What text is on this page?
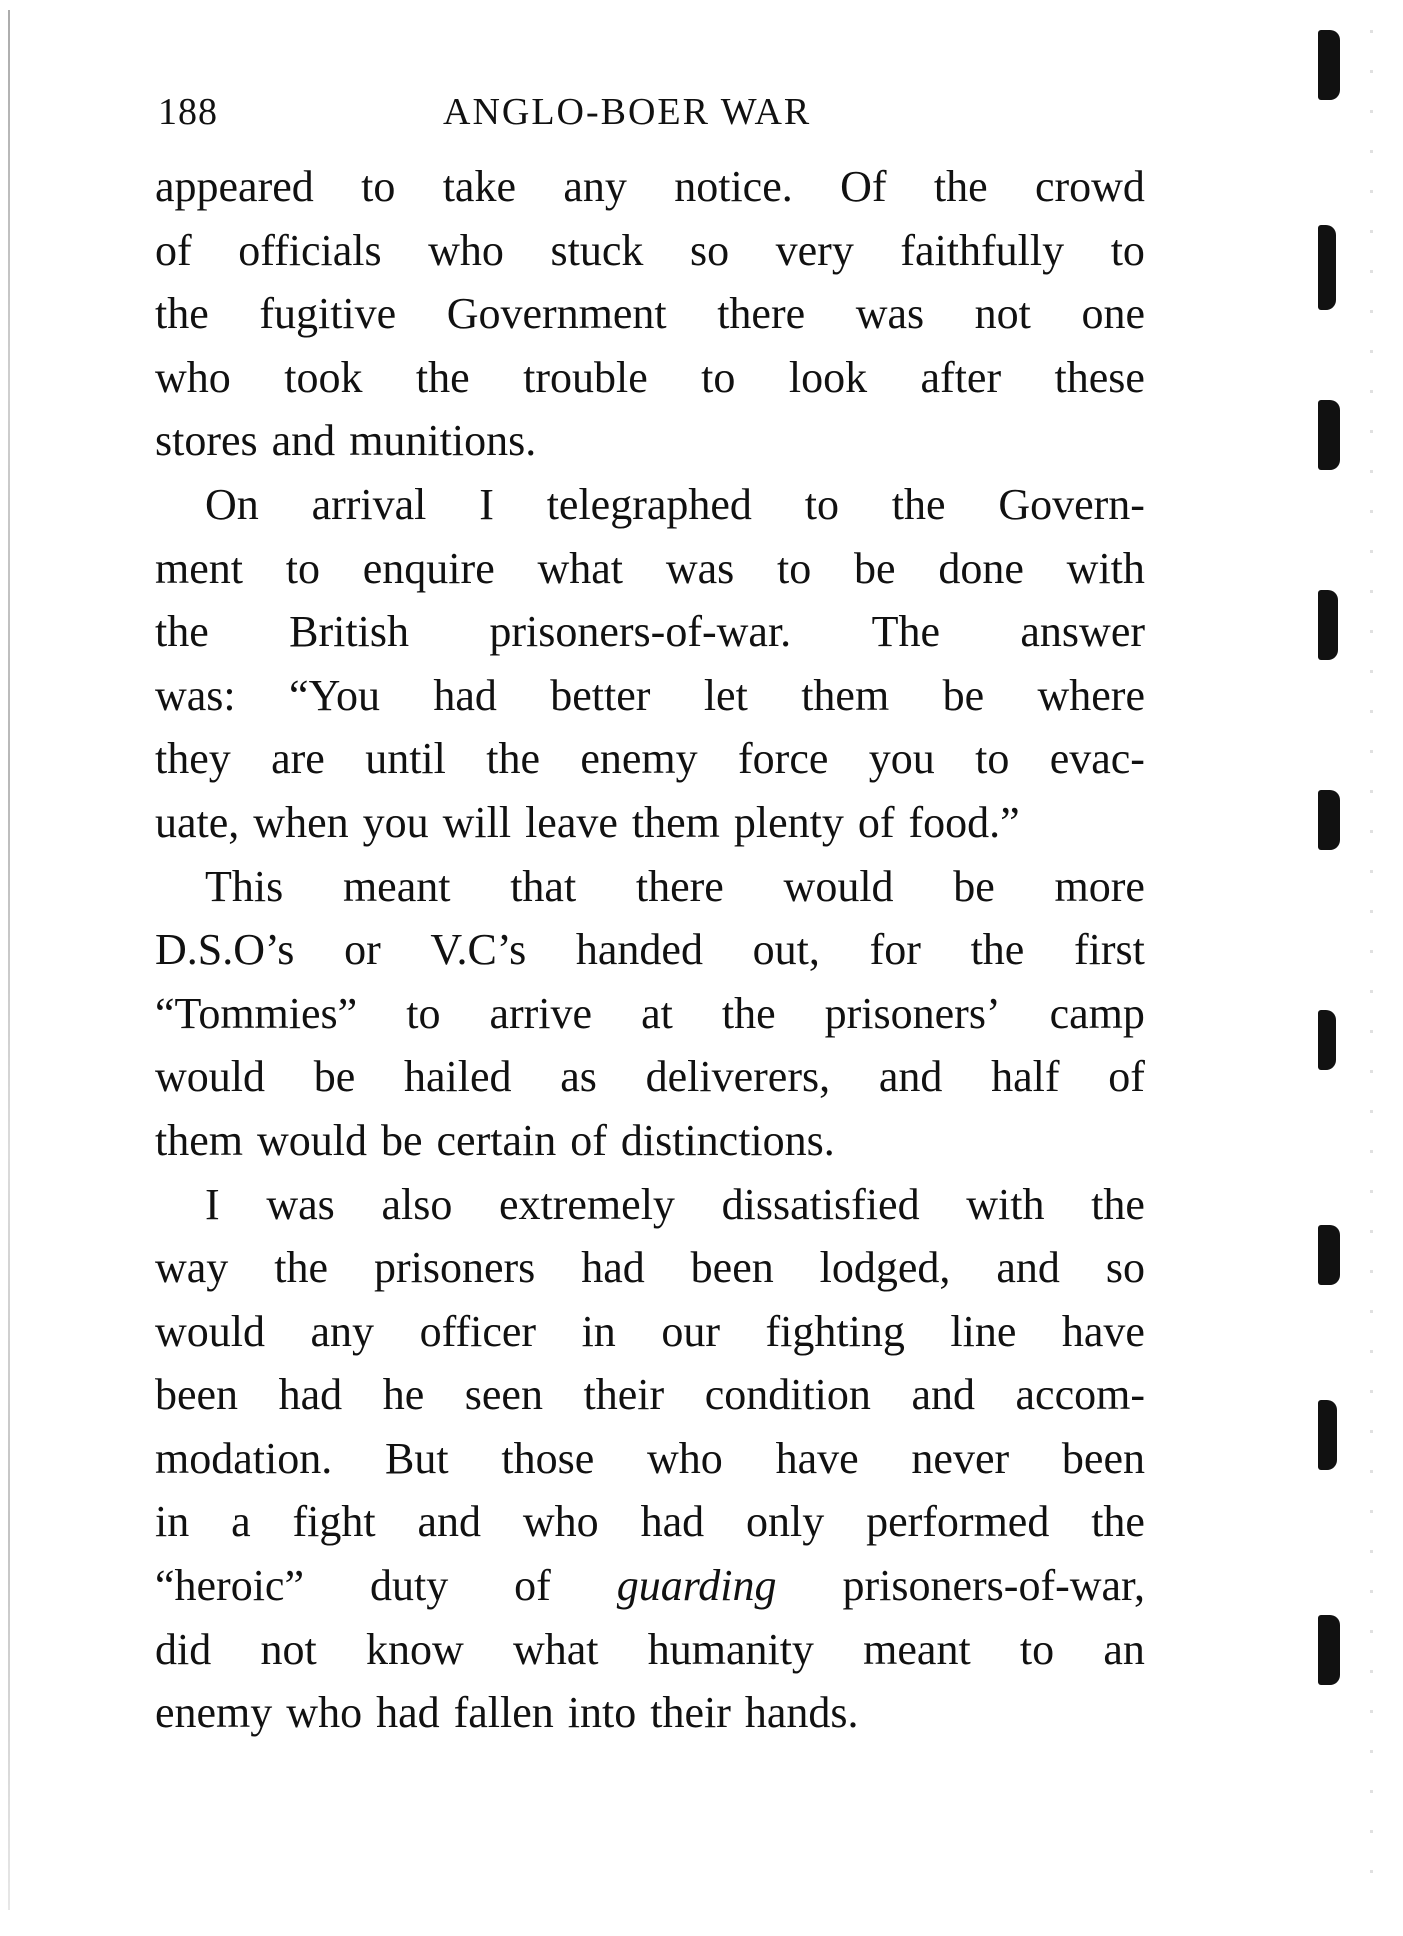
188	ANGLO-BOER WAR
appeared to take any notice. Of the crowd
of officials who stuck so very faithfully to
the fugitive Government there was not one
who took the trouble to look after these
stores and munitions.
On arrival I telegraphed to the Govern-
ment to enquire what was to be done with
the British prisoners-of-war. The answer
was: “You had better let them be where
they are until the enemy force you to evac-
uate, when you will leave them plenty of food.”
This meant that there would be more
D.S.O’s or V.C’s handed out, for the first
“Tommies” to arrive at the prisoners’ camp
would be hailed as deliverers, and half of
them would be certain of distinctions.
I was also extremely dissatisfied with the
way the prisoners had been lodged, and so
would any officer in our fighting line have
been had he seen their condition and accom-
modation. But those who have never been
in a fight and who had only performed the
“heroic” duty of guarding prisoners-of-war,
did not know what humanity meant to an
enemy who had fallen into their hands.
